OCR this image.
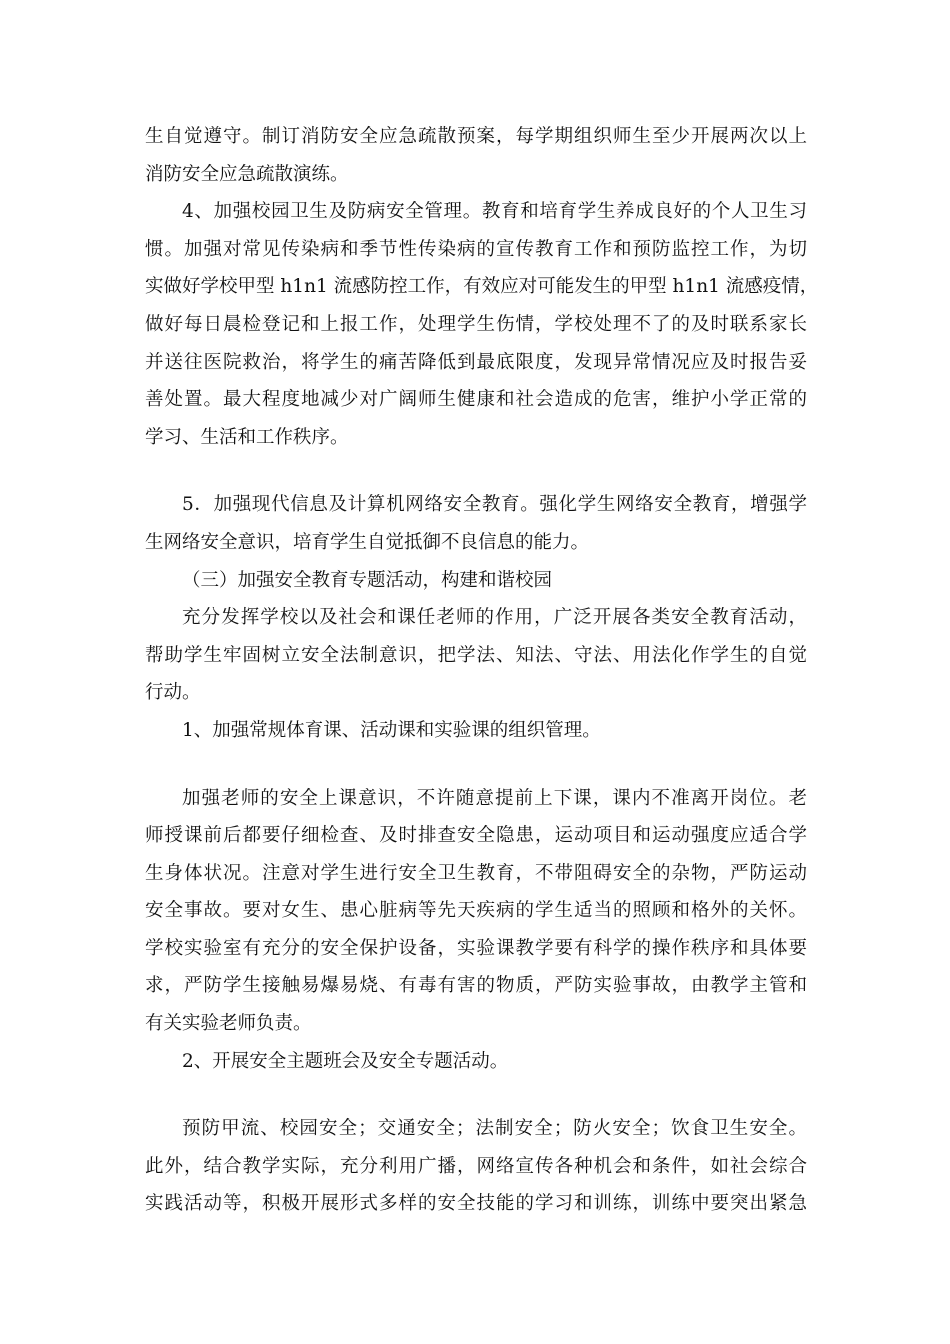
生自觉遵守。制订消防安全应急疏散预案，每学期组织师生至少开展两次以上
消防安全应急疏散演练。
4、加强校园卫生及防病安全管理。教育和培育学生养成良好的个人卫生习
惯。加强对常见传染病和季节性传染病的宣传教育工作和预防监控工作，为切
实做好学校甲型 h1n1 流感防控工作，有效应对可能发生的甲型 h1n1 流感疫情，
做好每日晨检登记和上报工作，处理学生伤情，学校处理不了的及时联系家长
并送往医院救治，将学生的痛苦降低到最底限度，发现异常情况应及时报告妥
善处置。最大程度地减少对广阔师生健康和社会造成的危害，维护小学正常的
学习、生活和工作秩序。
5．加强现代信息及计算机网络安全教育。强化学生网络安全教育，增强学
生网络安全意识，培育学生自觉抵御不良信息的能力。
（三）加强安全教育专题活动，构建和谐校园
充分发挥学校以及社会和课任老师的作用，广泛开展各类安全教育活动，
帮助学生牢固树立安全法制意识，把学法、知法、守法、用法化作学生的自觉
行动。
1、加强常规体育课、活动课和实验课的组织管理。
加强老师的安全上课意识，不许随意提前上下课，课内不准离开岗位。老
师授课前后都要仔细检查、及时排查安全隐患，运动项目和运动强度应适合学
生身体状况。注意对学生进行安全卫生教育，不带阻碍安全的杂物，严防运动
安全事故。要对女生、患心脏病等先天疾病的学生适当的照顾和格外的关怀。
学校实验室有充分的安全保护设备，实验课教学要有科学的操作秩序和具体要
求，严防学生接触易爆易烧、有毒有害的物质，严防实验事故，由教学主管和
有关实验老师负责。
2、开展安全主题班会及安全专题活动。
预防甲流、校园安全；交通安全；法制安全；防火安全；饮食卫生安全。
此外，结合教学实际，充分利用广播，网络宣传各种机会和条件，如社会综合
实践活动等，积极开展形式多样的安全技能的学习和训练，训练中要突出紧急
